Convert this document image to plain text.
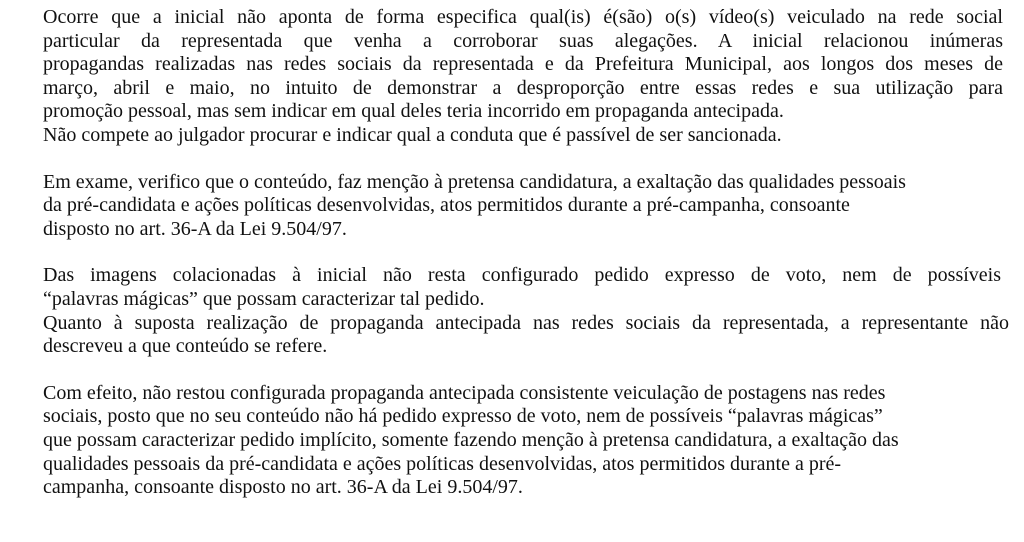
Ocorre que a inicial não aponta de forma especifica qual(is) é(são) o(s) vídeo(s) veiculado na rede social
particular da representada que venha a corroborar suas alegações. A inicial relacionou inúmeras
propagandas realizadas nas redes sociais da representada e da Prefeitura Municipal, aos longos dos meses de
março, abril e maio, no intuito de demonstrar a desproporção entre essas redes e sua utilização para
promoção pessoal, mas sem indicar em qual deles teria incorrido em propaganda antecipada.
Não compete ao julgador procurar e indicar qual a conduta que é passível de ser sancionada.
Em exame, verifico que o conteúdo, faz menção à pretensa candidatura, a exaltação das qualidades pessoais
da pré-candidata e ações políticas desenvolvidas, atos permitidos durante a pré-campanha, consoante
disposto no art. 36-A da Lei 9.504/97.
Das imagens colacionadas à inicial não resta configurado pedido expresso de voto, nem de possíveis
“palavras mágicas” que possam caracterizar tal pedido.
Quanto à suposta realização de propaganda antecipada nas redes sociais da representada, a representante não
descreveu a que conteúdo se refere.
Com efeito, não restou configurada propaganda antecipada consistente veiculação de postagens nas redes
sociais, posto que no seu conteúdo não há pedido expresso de voto, nem de possíveis “palavras mágicas”
que possam caracterizar pedido implícito, somente fazendo menção à pretensa candidatura, a exaltação das
qualidades pessoais da pré-candidata e ações políticas desenvolvidas, atos permitidos durante a pré-
campanha, consoante disposto no art. 36-A da Lei 9.504/97.
